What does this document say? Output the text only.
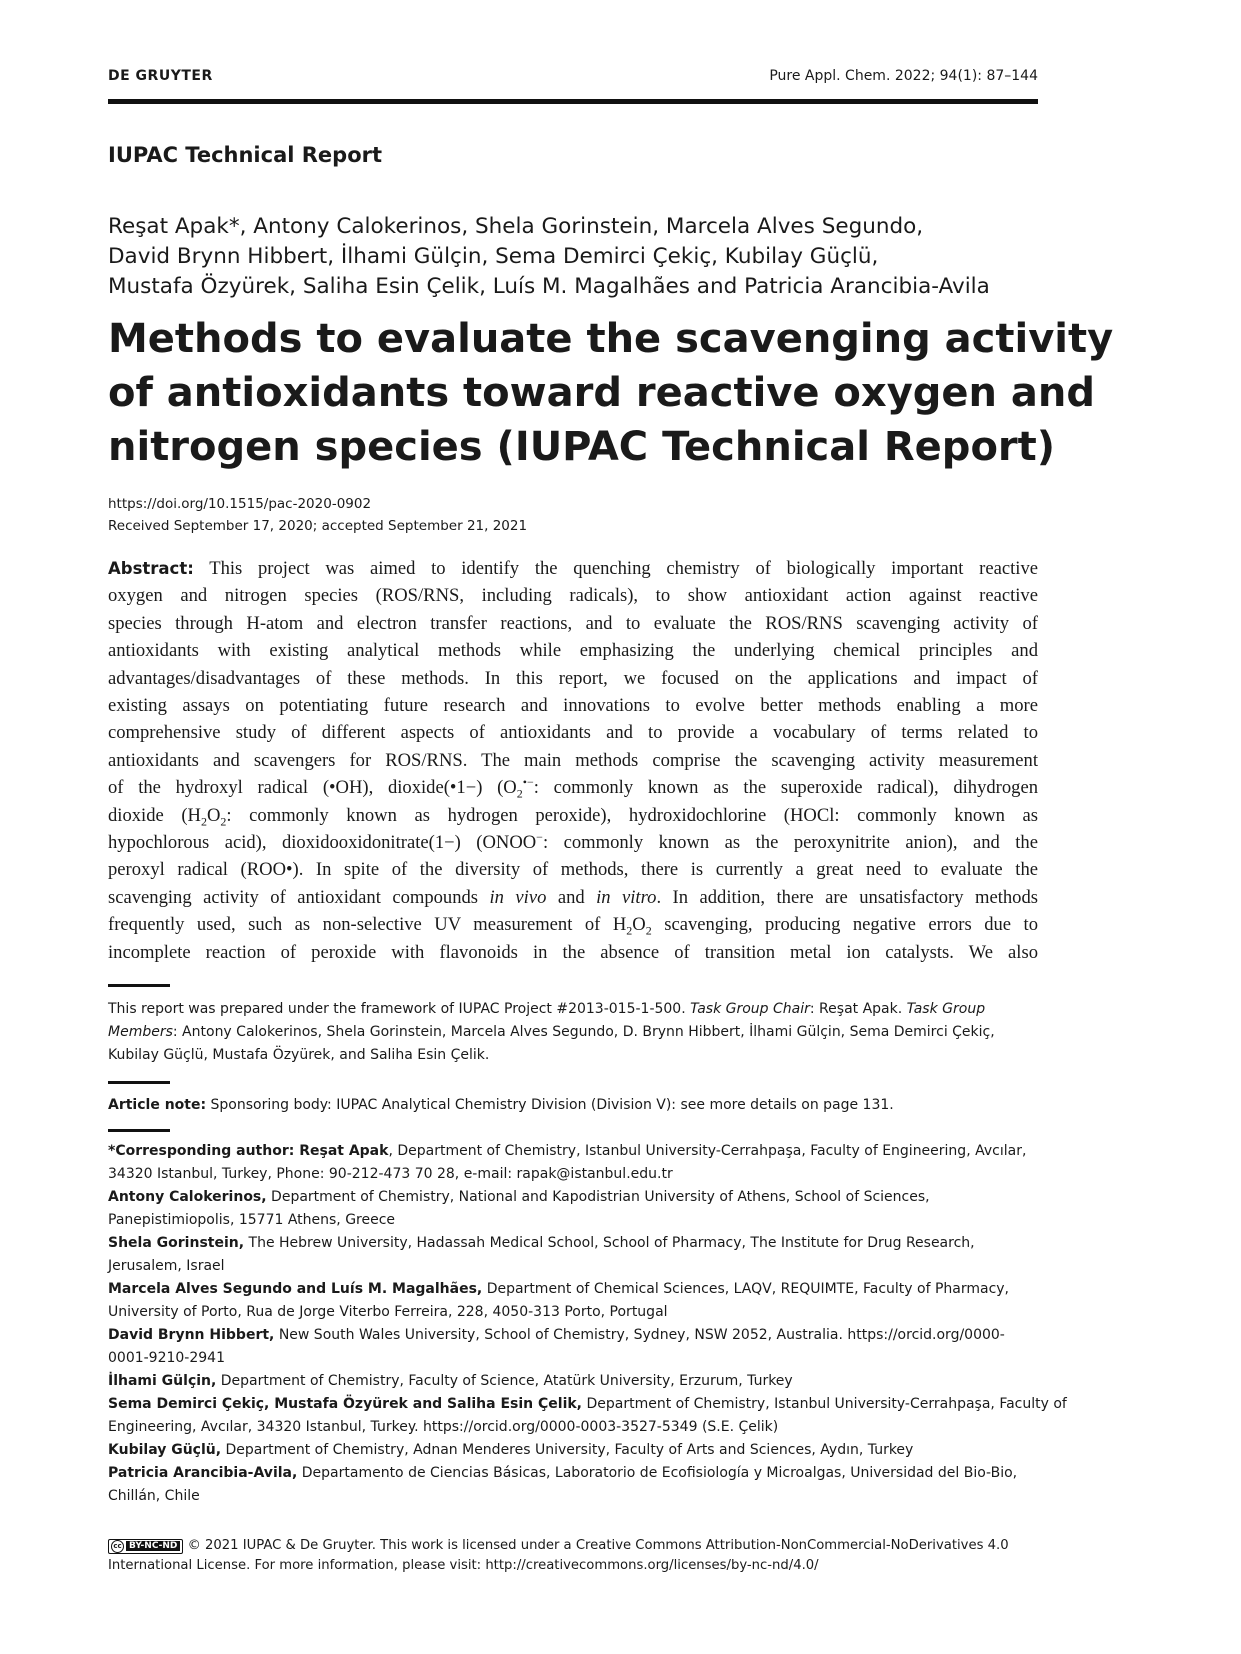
DE GRUYTER	Pure Appl. Chem. 2022; 94(1): 87–144
IUPAC Technical Report
Reşat Apak*, Antony Calokerinos, Shela Gorinstein, Marcela Alves Segundo,
David Brynn Hibbert, İlhami Gülçin, Sema Demirci Çekiç, Kubilay Güçlü,
Mustafa Özyürek, Saliha Esin Çelik, Luís M. Magalhães and Patricia Arancibia-Avila
Methods to evaluate the scavenging activity
of antioxidants toward reactive oxygen and
nitrogen species (IUPAC Technical Report)
https://doi.org/10.1515/pac-2020-0902
Received September 17, 2020; accepted September 21, 2021
Abstract: This project was aimed to identify the quenching chemistry of biologically important reactive
oxygen and nitrogen species (ROS/RNS, including radicals), to show antioxidant action against reactive
species through H-atom and electron transfer reactions, and to evaluate the ROS/RNS scavenging activity of
antioxidants with existing analytical methods while emphasizing the underlying chemical principles and
advantages/disadvantages of these methods. In this report, we focused on the applications and impact of
existing assays on potentiating future research and innovations to evolve better methods enabling a more
comprehensive study of different aspects of antioxidants and to provide a vocabulary of terms related to
antioxidants and scavengers for ROS/RNS. The main methods comprise the scavenging activity measurement
of the hydroxyl radical (•OH), dioxide(•1−) ($O_2^{•-}$: commonly known as the superoxide radical), dihydrogen
dioxide ($H_2O_2$: commonly known as hydrogen peroxide), hydroxidochlorine (HOCl: commonly known as
hypochlorous acid), dioxidooxidonitrate(1−) (ONOO−: commonly known as the peroxynitrite anion), and the
peroxyl radical (ROO•). In spite of the diversity of methods, there is currently a great need to evaluate the
scavenging activity of antioxidant compounds in vivo and in vitro. In addition, there are unsatisfactory methods
frequently used, such as non-selective UV measurement of $H_2O_2$ scavenging, producing negative errors due to
incomplete reaction of peroxide with flavonoids in the absence of transition metal ion catalysts. We also
This report was prepared under the framework of IUPAC Project #2013-015-1-500. Task Group Chair: Reşat Apak. Task Group
Members: Antony Calokerinos, Shela Gorinstein, Marcela Alves Segundo, D. Brynn Hibbert, İlhami Gülçin, Sema Demirci Çekiç,
Kubilay Güçlü, Mustafa Özyürek, and Saliha Esin Çelik.
Article note: Sponsoring body: IUPAC Analytical Chemistry Division (Division V): see more details on page 131.
*Corresponding author: Reşat Apak, Department of Chemistry, Istanbul University-Cerrahpaşa, Faculty of Engineering, Avcılar,
34320 Istanbul, Turkey, Phone: 90-212-473 70 28, e-mail: rapak@istanbul.edu.tr
Antony Calokerinos, Department of Chemistry, National and Kapodistrian University of Athens, School of Sciences,
Panepistimiopolis, 15771 Athens, Greece
Shela Gorinstein, The Hebrew University, Hadassah Medical School, School of Pharmacy, The Institute for Drug Research,
Jerusalem, Israel
Marcela Alves Segundo and Luís M. Magalhães, Department of Chemical Sciences, LAQV, REQUIMTE, Faculty of Pharmacy,
University of Porto, Rua de Jorge Viterbo Ferreira, 228, 4050-313 Porto, Portugal
David Brynn Hibbert, New South Wales University, School of Chemistry, Sydney, NSW 2052, Australia. https://orcid.org/0000-
0001-9210-2941
İlhami Gülçin, Department of Chemistry, Faculty of Science, Atatürk University, Erzurum, Turkey
Sema Demirci Çekiç, Mustafa Özyürek and Saliha Esin Çelik, Department of Chemistry, Istanbul University-Cerrahpaşa, Faculty of
Engineering, Avcılar, 34320 Istanbul, Turkey. https://orcid.org/0000-0003-3527-5349 (S.E. Çelik)
Kubilay Güçlü, Department of Chemistry, Adnan Menderes University, Faculty of Arts and Sciences, Aydın, Turkey
Patricia Arancibia-Avila, Departamento de Ciencias Básicas, Laboratorio de Ecofisiología y Microalgas, Universidad del Bio-Bio,
Chillán, Chile
cc BY-NC-ND © 2021 IUPAC & De Gruyter. This work is licensed under a Creative Commons Attribution-NonCommercial-NoDerivatives 4.0
International License. For more information, please visit: http://creativecommons.org/licenses/by-nc-nd/4.0/
